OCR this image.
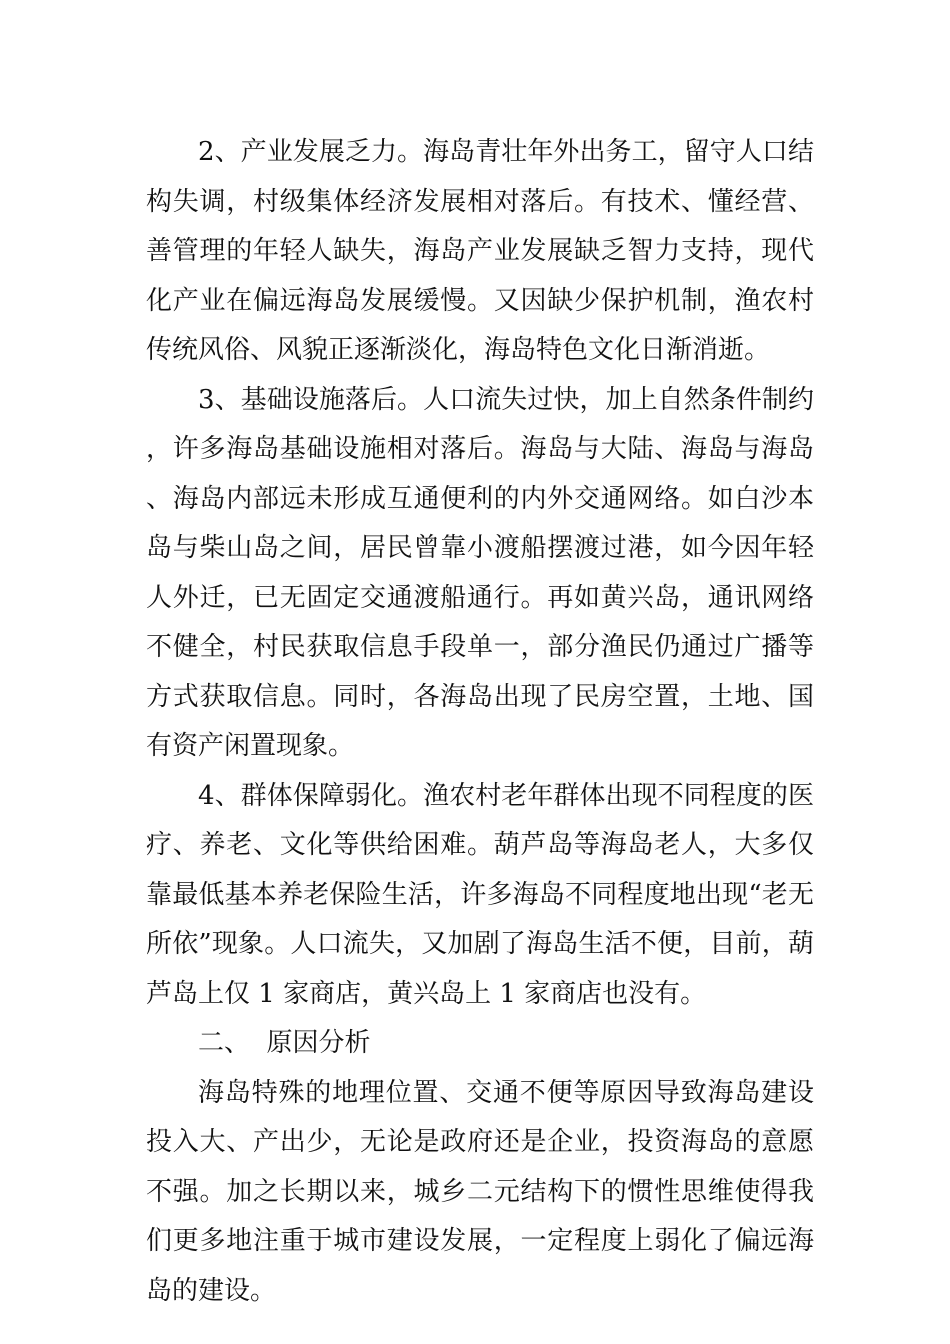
2、产业发展乏力。海岛青壮年外出务工，留守人口结构失调，村级集体经济发展相对落后。有技术、懂经营、善管理的年轻人缺失，海岛产业发展缺乏智力支持，现代化产业在偏远海岛发展缓慢。又因缺少保护机制，渔农村传统风俗、风貌正逐渐淡化，海岛特色文化日渐消逝。

3、基础设施落后。人口流失过快，加上自然条件制约，许多海岛基础设施相对落后。海岛与大陆、海岛与海岛、海岛内部远未形成互通便利的内外交通网络。如白沙本岛与柴山岛之间，居民曾靠小渡船摆渡过港，如今因年轻人外迁，已无固定交通渡船通行。再如黄兴岛，通讯网络不健全，村民获取信息手段单一，部分渔民仍通过广播等方式获取信息。同时，各海岛出现了民房空置，土地、国有资产闲置现象。

4、群体保障弱化。渔农村老年群体出现不同程度的医疗、养老、文化等供给困难。葫芦岛等海岛老人，大多仅靠最低基本养老保险生活，许多海岛不同程度地出现“老无所依”现象。人口流失，又加剧了海岛生活不便，目前，葫芦岛上仅 1 家商店，黄兴岛上 1 家商店也没有。

二、  原因分析

海岛特殊的地理位置、交通不便等原因导致海岛建设投入大、产出少，无论是政府还是企业，投资海岛的意愿不强。加之长期以来，城乡二元结构下的惯性思维使得我们更多地注重于城市建设发展，一定程度上弱化了偏远海岛的建设。
